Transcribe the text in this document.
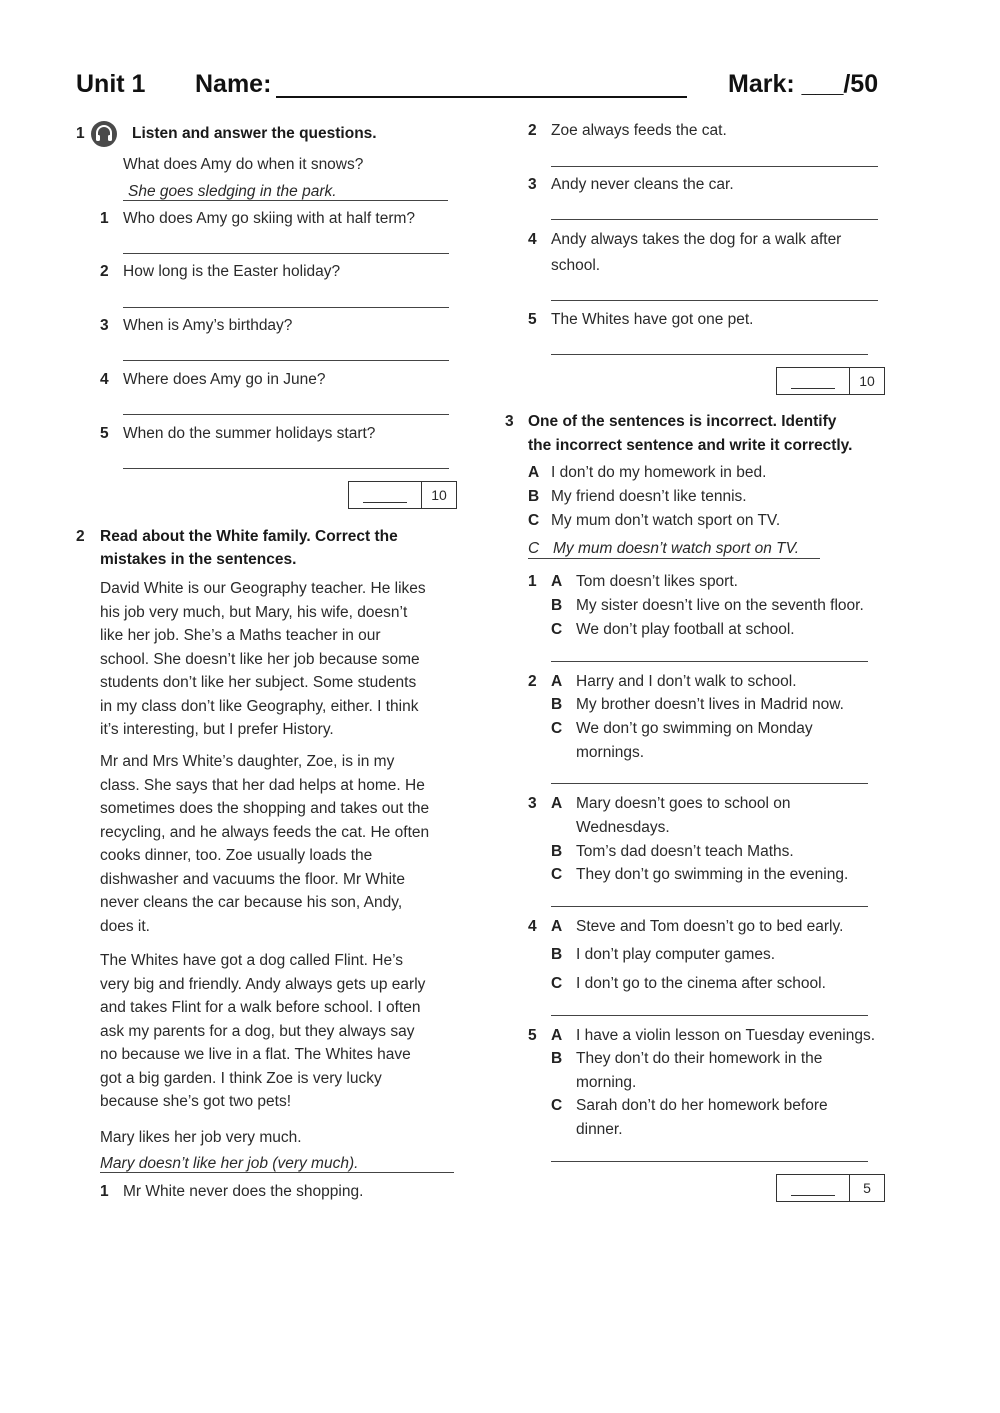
Unit 1 Name:	Mark: ___/50
1	Listen and answer the questions.
What does Amy do when it snows?
She goes sledging in the park.
1 Who does Amy go skiing with at half term?
2 How long is the Easter holiday?
3 When is Amy’s birthday?
4 Where does Amy go in June?
5 When do the summer holidays start?
10
2 Read about the White family. Correct the
mistakes in the sentences.
David White is our Geography teacher. He likes
his job very much, but Mary, his wife, doesn’t
like her job. She’s a Maths teacher in our
school. She doesn’t like her job because some
students don’t like her subject. Some students
in my class don’t like Geography, either. I think
it’s interesting, but I prefer History.
Mr and Mrs White’s daughter, Zoe, is in my
class. She says that her dad helps at home. He
sometimes does the shopping and takes out the
recycling, and he always feeds the cat. He often
cooks dinner, too. Zoe usually loads the
dishwasher and vacuums the floor. Mr White
never cleans the car because his son, Andy,
does it.
The Whites have got a dog called Flint. He’s
very big and friendly. Andy always gets up early
and takes Flint for a walk before school. I often
ask my parents for a dog, but they always say
no because we live in a flat. The Whites have
got a big garden. I think Zoe is very lucky
because she’s got two pets!
Mary likes her job very much.
Mary doesn’t like her job (very much).
1 Mr White never does the shopping.
2 Zoe always feeds the cat.
3 Andy never cleans the car.
4 Andy always takes the dog for a walk after
school.
5 The Whites have got one pet.
10
3 One of the sentences is incorrect. Identify
the incorrect sentence and write it correctly.
A I don’t do my homework in bed.
B My friend doesn’t like tennis.
C My mum don’t watch sport on TV.
C My mum doesn’t watch sport on TV.
1 A Tom doesn’t likes sport.
B My sister doesn’t live on the seventh floor.
C We don’t play football at school.
2 A Harry and I don’t walk to school.
B My brother doesn’t lives in Madrid now.
C We don’t go swimming on Monday
mornings.
3 A Mary doesn’t goes to school on
Wednesdays.
B Tom’s dad doesn’t teach Maths.
C They don’t go swimming in the evening.
4 A Steve and Tom doesn’t go to bed early.
B I don’t play computer games.
C I don’t go to the cinema after school.
5 A I have a violin lesson on Tuesday evenings.
B They don’t do their homework in the
morning.
C Sarah don’t do her homework before
dinner.
5
